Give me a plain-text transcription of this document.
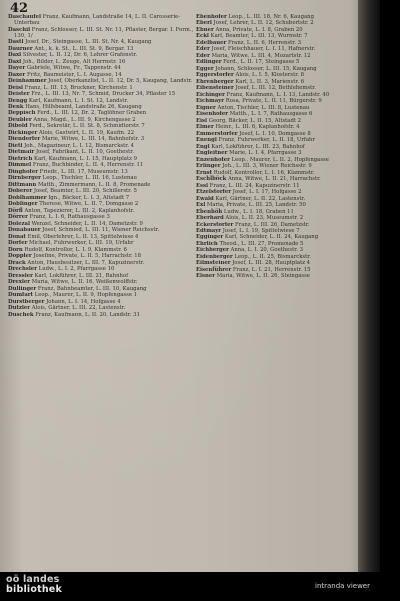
42
Daschaufel Franz, Kaufmann, Landstraße 14, L. II. Carosserie-Unterbau
Daschil Franz, Schlosser, L. III. St. Nr. 11, Pflaster, Bergar. I. Form., 130, 1/
Dastl Josef, Dr., Steingasse, L. III. St. Nr. 4, Kaugang
Daurner Ant., k. k. St., L. III. St. 9, Bergar. 13
Daxl Silvester, L. II. 12, Dr. 6, Lehrer Grafenstr.
Daxl Joh., Bilder, L. Zeuge, Alt Herrnstr. 16
Dayer Gabriele, Witwe, Fr., Tappenstr. 44
Daxer Fritz, Baumeister, L. I. Augasse, 14
Deinhammer Josef, Oberkanzlist, L. II. 12, Dr. 5, Kaugang, Landstr.
Deisl Franz, L. III. 13, Bruckner, Kirchenstr. 1
Deister Frz., L. III. 13, Nr. 7, Schmid, Drucker 34, Pflaster 15
Dengg Karl, Kaufmann, L. I. St. 12, Landstr.
Denk Hans, Hilfsbeamt, Landstraße 26, Kaugang
Deppisch Ferd., L. III. 12, Dr. 2, Taglöhner Graben
Deubler Anna, Magd., L. III. 9, Kirchengasse 2
Dibold Ferd., Sekretär, L. II. St. 8, Schmidtorstr. 7
Dickinger Alois, Gastwirt, L. II. 19, Kaufm. 22
Diendorfer Marie, Witwe, L. III. 14, Bahnhofstr. 3
Dietl Joh., Magazineur, L. I. 12, Bismarckstr. 4
Dietmair Josef, Fabrikant, L. II. 10, Goethestr.
Dietrich Karl, Kaufmann, L. I. 15, Hauptplatz 9
Dimmel Franz, Buchbinder, L. II. 4, Herrenstr. 11
Dinghofer Friedr., L. III. 17, Museumstr. 13
Dirnberger Leop., Tischler, L. III. 16, Lustenau
Dittmann Matth., Zimmermann, L. II. 8, Promenade
Doberer Josef, Beamter, L. III. 20, Schillerstr. 5
Doblhammer Ign., Bäcker, L. I. 3, Altstadt 7
Doblinger Therese, Witwe, L. II. 7, Domgasse 2
Dörfl Anton, Tapezierer, L. III. 2, Kaplanhofstr.
Dörrer Franz, L. I. 6, Rathausgasse 3
Dolezal Wenzel, Schneider, L. II. 14, Dametzstr. 9
Donabauer Josef, Schmied, L. III. 11, Wiener Reichsstr.
Donat Emil, Oberlehrer, L. II. 13, Spittelwiese 4
Dorfer Michael, Fuhrwerker, L. III. 19, Urfahr
Dorn Rudolf, Kontrollor, L. I. 9, Klammstr. 6
Doppler Josefine, Private, L. II. 5, Harrachstr. 18
Drack Anton, Hausbesitzer, L. III. 7, Kapuzinerstr.
Drechsler Ludw., L. I. 2, Pfarrgasse 10
Dressler Karl, Lokführer, L. III. 21, Bahnhof
Drexler Maria, Witwe, L. II. 16, Weißenwolffstr.
Dullinger Franz, Bahnbeamter, L. III. 10, Kaugang
Dumfart Leop., Maurer, L. II. 9, Hopfengasse 1
Durstberger Johann, L. I. 14, Hofgasse 4
Dutzler Alois, Gärtner, L. III. 22, Lastenstr.
Duschek Franz, Kaufmann, L. II. 20, Landstr. 31
Ebenhofer Leop., L. III. 18, Nr. 6, Kaugang
Eberl Josef, Lehrer, L. II. 12, Schubertstr. 2
Ebner Anna, Private, L. I. 8, Graben 20
Eckl Karl, Beamter, L. III. 13, Wurmstr. 7
Edelbauer Franz, L. II. 6, Herrenstr. 3
Eder Josef, Fleischhauer, L. I. 11, Hafnerstr.
Eder Maria, Witwe, L. III. 4, Mozartstr. 12
Edlinger Ferd., L. II. 17, Steingasse 5
Egger Johann, Schlosser, L. III. 15, Kaugang
Eggerstorfer Alois, L. I. 5, Klosterstr. 8
Ehrenberger Karl, L. II. 3, Marienstr. 6
Eibensteiner Josef, L. III. 12, Bethlehemstr.
Eichinger Franz, Kaufmann, L. I. 13, Landstr. 40
Eichmayr Rosa, Private, L. II. 11, Bürgerstr. 9
Eigner Anton, Tischler, L. III. 8, Lustenau
Eisenhofer Matth., L. I. 7, Rathausgasse 6
Eisl Georg, Bäcker, L. II. 15, Altstadt 2
Elmer Heinr., L. III. 6, Kaplanhofstr. 4
Emmerstorfer Josef, L. I. 10, Domgasse 8
Enengl Franz, Fuhrwerker, L. II. 18, Urfahr
Engl Karl, Lokführer, L. III. 23, Bahnhof
Engleitner Marie, L. I. 4, Pfarrgasse 3
Enzenhofer Leop., Maurer, L. II. 2, Hopfengasse
Erlinger Joh., L. III. 3, Wiener Reichsstr. 9
Ernst Rudolf, Kontrollor, L. I. 16, Klammstr.
Eschlböck Anna, Witwe, L. II. 21, Harrachstr.
Essl Franz, L. III. 24, Kapuzinerstr. 11
Etzelstorfer Josef, L. I. 17, Hofgasse 2
Ewald Karl, Gärtner, L. II. 22, Lastenstr.
Exl Maria, Private, L. III. 25, Landstr. 50
Ebenhöh Ludw., L. I. 18, Graben 11
Eberhard Alois, L. II. 23, Museumstr. 2
Eckerstorfer Franz, L. III. 26, Dametzstr.
Edtmayr Josef, L. I. 19, Spittelwiese 7
Egginger Karl, Schneider, L. II. 24, Kaugang
Ehrlich Theod., L. III. 27, Promenade 5
Eichberger Anna, L. I. 20, Goethestr. 3
Eidenberger Leop., L. II. 25, Bismarckstr.
Eilmsteiner Josef, L. III. 28, Hauptplatz 4
Eisenführer Franz, L. I. 21, Herrenstr. 15
Elsner Maria, Witwe, L. II. 26, Steingasse
oö landes
bibliothek	intranda viewer
